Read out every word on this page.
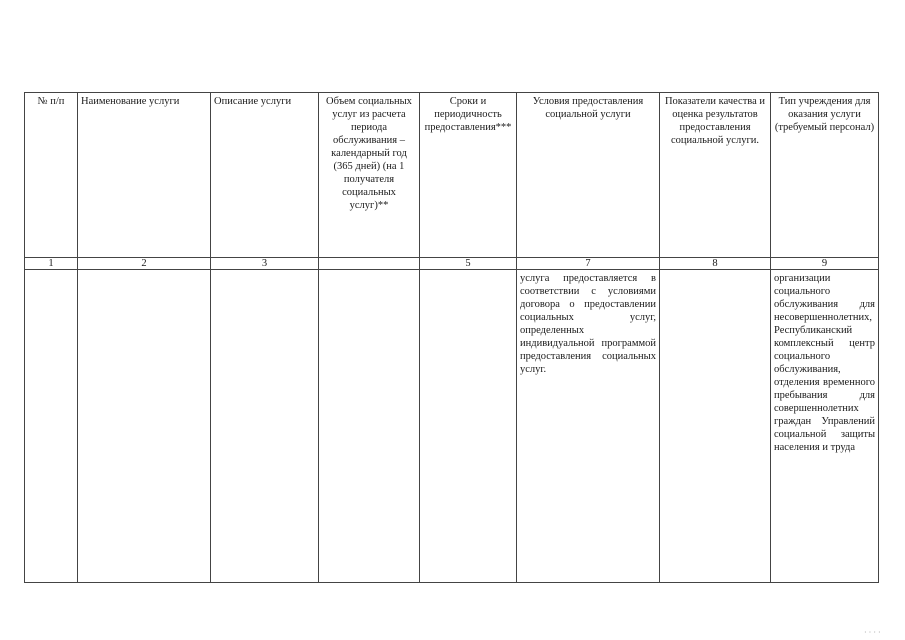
№ п/п	Наименование услуги	Описание услуги	Объем социальных услуг из расчета периода обслуживания – календарный год (365 дней) (на 1 получателя социальных услуг)**	Сроки и периодичность предоставления***	Условия предоставления социальной услуги	Показатели качества и оценка результатов предоставления социальной услуги.	Тип учреждения для оказания услуги (требуемый персонал)
1	2	3		5	7	8	9
					услуга предоставляется в соответствии с условиями договора о предоставлении социальных услуг, определенных индивидуальной программой предоставления социальных услуг.		организации социального обслуживания для несовершеннолетних, Республиканский комплексный центр социального обслуживания, отделения временного пребывания для совершеннолетних граждан Управлений социальной защиты населения и труда
· · · ·
